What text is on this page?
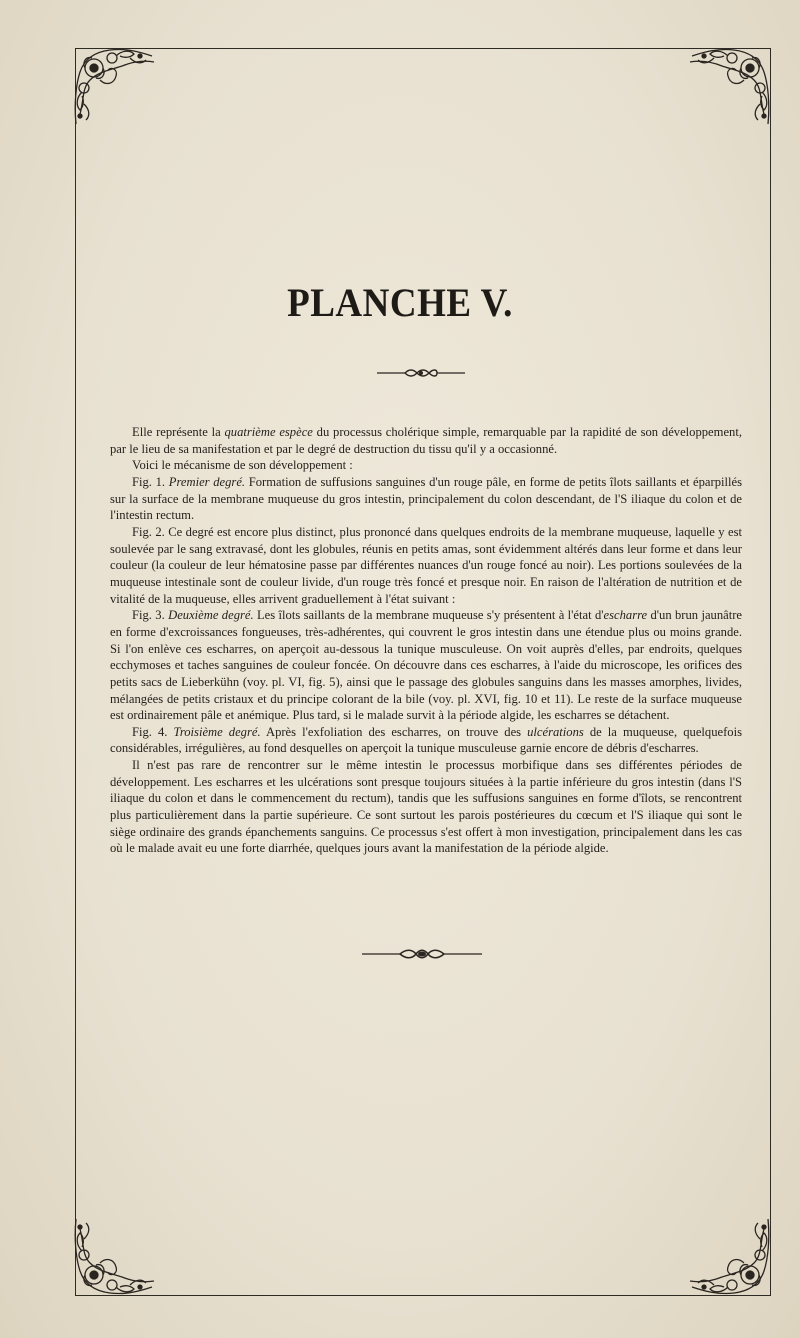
PLANCHE V.

Elle représente la quatrième espèce du processus cholérique simple, remarquable par la rapidité de son développement, par le lieu de sa manifestation et par le degré de destruction du tissu qu'il y a occasionné.

Voici le mécanisme de son développement :

Fig. 1. Premier degré. Formation de suffusions sanguines d'un rouge pâle, en forme de petits îlots saillants et éparpillés sur la surface de la membrane muqueuse du gros intestin, principalement du colon descendant, de l'S iliaque du colon et de l'intestin rectum.

Fig. 2. Ce degré est encore plus distinct, plus prononcé dans quelques endroits de la membrane muqueuse, laquelle y est soulevée par le sang extravasé, dont les globules, réunis en petits amas, sont évidemment altérés dans leur forme et dans leur couleur (la couleur de leur hématosine passe par différentes nuances d'un rouge foncé au noir). Les portions soulevées de la muqueuse intestinale sont de couleur livide, d'un rouge très foncé et presque noir. En raison de l'altération de nutrition et de vitalité de la muqueuse, elles arrivent graduellement à l'état suivant :

Fig. 3. Deuxième degré. Les îlots saillants de la membrane muqueuse s'y présentent à l'état d'escharre d'un brun jaunâtre en forme d'excroissances fongueuses, très-adhérentes, qui couvrent le gros intestin dans une étendue plus ou moins grande. Si l'on enlève ces escharres, on aperçoit au-dessous la tunique musculeuse. On voit auprès d'elles, par endroits, quelques ecchymoses et taches sanguines de couleur foncée. On découvre dans ces escharres, à l'aide du microscope, les orifices des petits sacs de Lieberkühn (voy. pl. VI, fig. 5), ainsi que le passage des globules sanguins dans les masses amorphes, livides, mélangées de petits cristaux et du principe colorant de la bile (voy. pl. XVI, fig. 10 et 11). Le reste de la surface muqueuse est ordinairement pâle et anémique. Plus tard, si le malade survit à la période algide, les escharres se détachent.

Fig. 4. Troisième degré. Après l'exfoliation des escharres, on trouve des ulcérations de la muqueuse, quelquefois considérables, irrégulières, au fond desquelles on aperçoit la tunique musculeuse garnie encore de débris d'escharres.

Il n'est pas rare de rencontrer sur le même intestin le processus morbifique dans ses différentes périodes de développement. Les escharres et les ulcérations sont presque toujours situées à la partie inférieure du gros intestin (dans l'S iliaque du colon et dans le commencement du rectum), tandis que les suffusions sanguines en forme d'îlots, se rencontrent plus particulièrement dans la partie supérieure. Ce sont surtout les parois postérieures du cœcum et l'S iliaque qui sont le siège ordinaire des grands épanchements sanguins. Ce processus s'est offert à mon investigation, principalement dans les cas où le malade avait eu une forte diarrhée, quelques jours avant la manifestation de la période algide.
